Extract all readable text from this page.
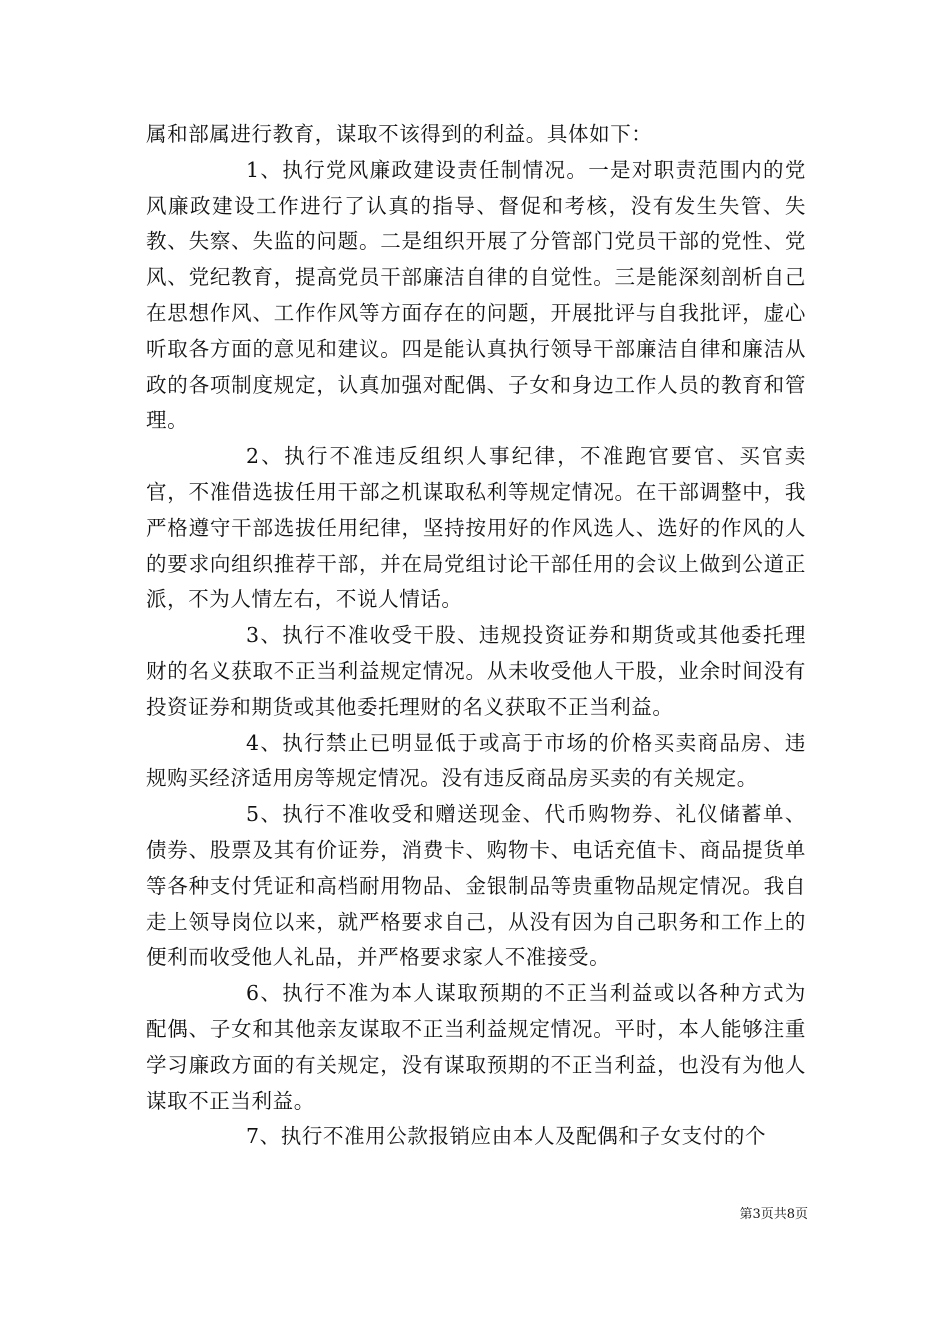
属和部属进行教育，谋取不该得到的利益。具体如下：

1、执行党风廉政建设责任制情况。一是对职责范围内的党风廉政建设工作进行了认真的指导、督促和考核，没有发生失管、失教、失察、失监的问题。二是组织开展了分管部门党员干部的党性、党风、党纪教育，提高党员干部廉洁自律的自觉性。三是能深刻剖析自己在思想作风、工作作风等方面存在的问题，开展批评与自我批评，虚心听取各方面的意见和建议。四是能认真执行领导干部廉洁自律和廉洁从政的各项制度规定，认真加强对配偶、子女和身边工作人员的教育和管理。

2、执行不准违反组织人事纪律，不准跑官要官、买官卖官，不准借选拔任用干部之机谋取私利等规定情况。在干部调整中，我严格遵守干部选拔任用纪律，坚持按用好的作风选人、选好的作风的人的要求向组织推荐干部，并在局党组讨论干部任用的会议上做到公道正派，不为人情左右，不说人情话。

3、执行不准收受干股、违规投资证券和期货或其他委托理财的名义获取不正当利益规定情况。从未收受他人干股，业余时间没有投资证券和期货或其他委托理财的名义获取不正当利益。

4、执行禁止已明显低于或高于市场的价格买卖商品房、违规购买经济适用房等规定情况。没有违反商品房买卖的有关规定。

5、执行不准收受和赠送现金、代币购物券、礼仪储蓄单、债券、股票及其有价证券，消费卡、购物卡、电话充值卡、商品提货单等各种支付凭证和高档耐用物品、金银制品等贵重物品规定情况。我自走上领导岗位以来，就严格要求自己，从没有因为自己职务和工作上的便利而收受他人礼品，并严格要求家人不准接受。

6、执行不准为本人谋取预期的不正当利益或以各种方式为配偶、子女和其他亲友谋取不正当利益规定情况。平时，本人能够注重学习廉政方面的有关规定，没有谋取预期的不正当利益，也没有为他人谋取不正当利益。

7、执行不准用公款报销应由本人及配偶和子女支付的个

第3页共8页
